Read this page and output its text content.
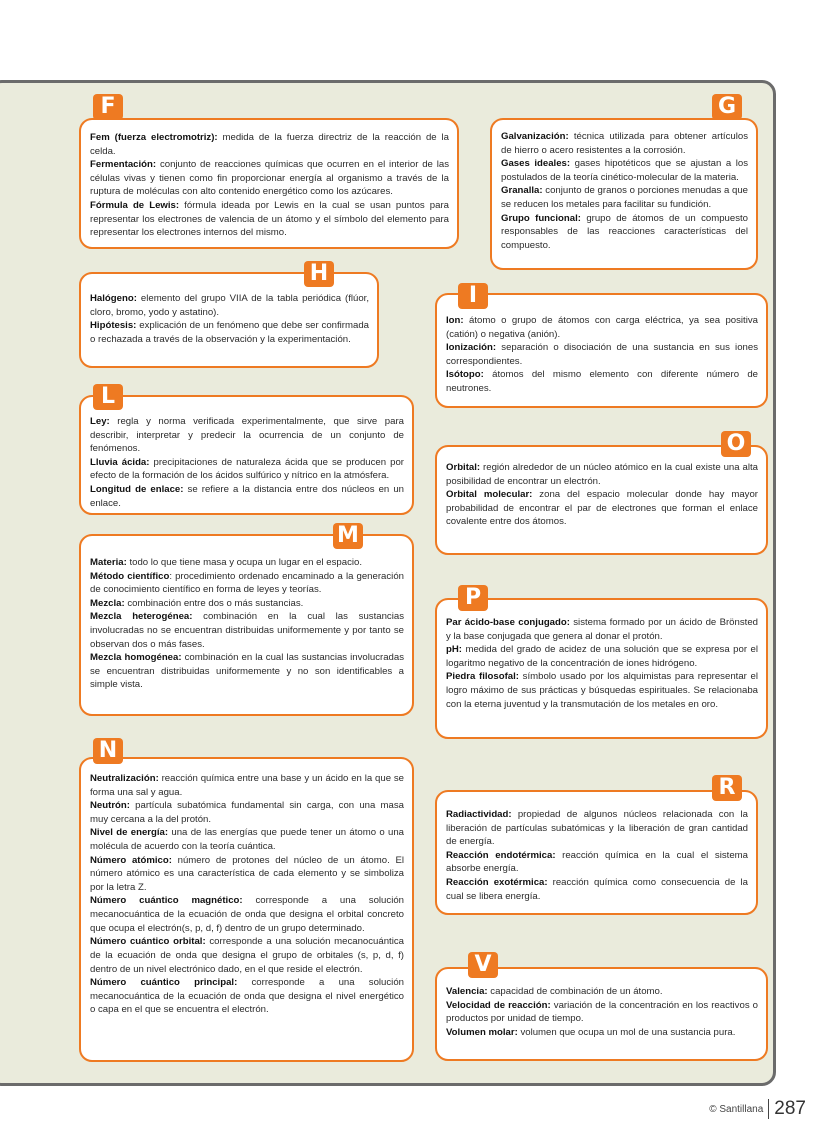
Fem (fuerza electromotriz): medida de la fuerza directriz de la reacción de la celda.

Fermentación: conjunto de reacciones químicas que ocurren en el interior de las células vivas y tienen como fin proporcionar energía al organismo a través de la ruptura de moléculas con alto contenido energético como los azúcares.

Fórmula de Lewis: fórmula ideada por Lewis en la cual se usan puntos para representar los electrones de valencia de un átomo y el símbolo del elemento para representar los electrones internos del mismo.

F

Galvanización: técnica utilizada para obtener artículos de hierro o acero resistentes a la corrosión.

Gases ideales: gases hipotéticos que se ajustan a los postulados de la teoría cinético-molecular de la materia.

Granalla: conjunto de granos o porciones menudas a que se reducen los metales para facilitar su fundición.

Grupo funcional: grupo de átomos de un compuesto responsables de las reacciones características del compuesto.

G

Halógeno: elemento del grupo VIIA de la tabla periódica (flúor, cloro, bromo, yodo y astatino).

Hipótesis: explicación de un fenómeno que debe ser confirmada o rechazada a través de la observación y la experimentación.

H

Ion: átomo o grupo de átomos con carga eléctrica, ya sea positiva (catión) o negativa (anión).

Ionización: separación o disociación de una sustancia en sus iones correspondientes.

Isótopo: átomos del mismo elemento con diferente número de neutrones.

I

Ley: regla y norma verificada experimentalmente, que sirve para describir, interpretar y predecir la ocurrencia de un conjunto de fenómenos.

Lluvia ácida: precipitaciones de naturaleza ácida que se producen por efecto de la formación de los ácidos sulfúrico y nítrico en la atmósfera.

Longitud de enlace: se refiere a la distancia entre dos núcleos en un enlace.

L

Orbital: región alrededor de un núcleo atómico en la cual existe una alta posibilidad de encontrar un electrón.

Orbital molecular: zona del espacio molecular donde hay mayor probabilidad de encontrar el par de electrones que forman el enlace covalente entre dos átomos.

O

Materia: todo lo que tiene masa y ocupa un lugar en el espacio.

Método científico: procedimiento ordenado encaminado a la generación de conocimiento científico en forma de leyes y teorías.

Mezcla: combinación entre dos o más sustancias.

Mezcla heterogénea: combinación en la cual las sustancias involucradas no se encuentran distribuidas uniformemente y por tanto se observan dos o más fases.

Mezcla homogénea: combinación en la cual las sustancias involucradas se encuentran distribuidas uniformemente y no son identificables a simple vista.

M

Par ácido-base conjugado: sistema formado por un ácido de Brönsted y la base conjugada que genera al donar el protón.

pH: medida del grado de acidez de una solución que se expresa por el logaritmo negativo de la concentración de iones hidrógeno.

Piedra filosofal: símbolo usado por los alquimistas para representar el logro máximo de sus prácticas y búsquedas espirituales. Se relacionaba con la eterna juventud y la transmutación de los metales en oro.

P

Neutralización: reacción química entre una base y un ácido en la que se forma una sal y agua.

Neutrón: partícula subatómica fundamental sin carga, con una masa muy cercana a la del protón.

Nivel de energía: una de las energías que puede tener un átomo o una molécula de acuerdo con la teoría cuántica.

Número atómico: número de protones del núcleo de un átomo. El número atómico es una característica de cada elemento y se simboliza por la letra Z.

Número cuántico magnético: corresponde a una solución mecanocuántica de la ecuación de onda que designa el orbital concreto que ocupa el electrón(s, p, d, f) dentro de un grupo determinado.

Número cuántico orbital: corresponde a una solución mecanocuántica de la ecuación de onda que designa el grupo de orbitales (s, p, d, f) dentro de un nivel electrónico dado, en el que reside el electrón.

Número cuántico principal: corresponde a una solución mecanocuántica de la ecuación de onda que designa el nivel energético o capa en el que se encuentra el electrón.

N

Radiactividad: propiedad de algunos núcleos relacionada con la liberación de partículas subatómicas y la liberación de gran cantidad de energía.

Reacción endotérmica: reacción química en la cual el sistema absorbe energía.

Reacción exotérmica: reacción química como consecuencia de la cual se libera energía.

R

Valencia: capacidad de combinación de un átomo.

Velocidad de reacción: variación de la concentración en los reactivos o productos por unidad de tiempo.

Volumen molar: volumen que ocupa un mol de una sustancia pura.

V
© Santillana 287
